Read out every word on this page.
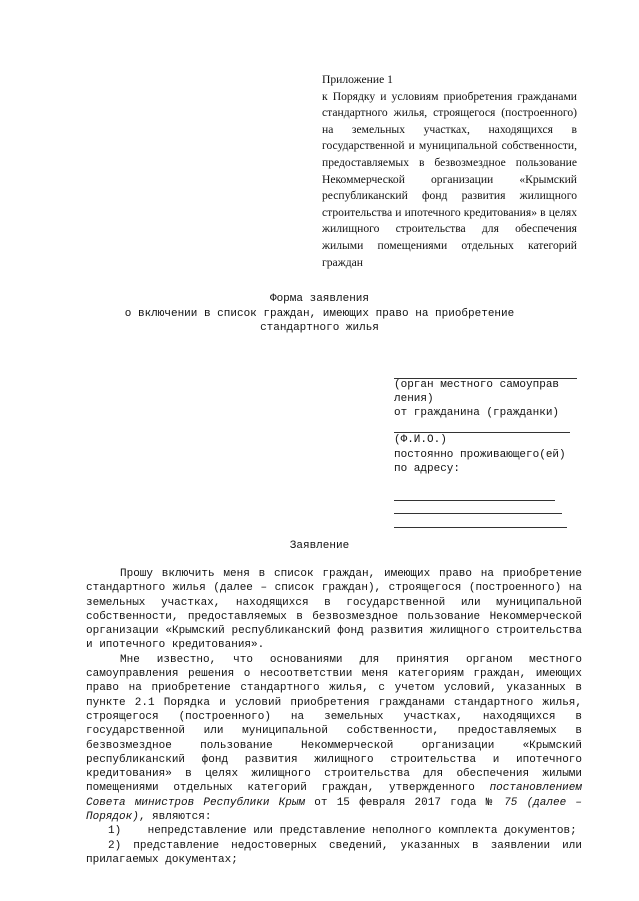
Приложение 1

к Порядку и условиям приобретения гражданами стандартного жилья, строящегося (построенного) на земельных участках, находящихся в государственной и муниципальной собственности, предоставляемых в безвозмездное пользование Некоммерческой организации «Крымский республиканский фонд развития жилищного строительства и ипотечного кредитования» в целях жилищного строительства для обеспечения жилыми помещениями отдельных категорий граждан

Форма заявления
о включении в список граждан, имеющих право на приобретение
стандартного жилья
(орган местного самоуправ
ления)
от гражданина (гражданки)
(Ф.И.О.)
постоянно проживающего(ей)
по адресу:
Заявление

Прошу включить меня в список граждан, имеющих право на приобретение стандартного жилья (далее – список граждан), строящегося (построенного) на земельных участках, находящихся в государственной или муниципальной собственности, предоставляемых в безвозмездное пользование Некоммерческой организации «Крымский республиканский фонд развития жилищного строительства и ипотечного кредитования».

Мне известно, что основаниями для принятия органом местного самоуправления решения о несоответствии меня категориям граждан, имеющих право на приобретение стандартного жилья, с учетом условий, указанных в пункте 2.1 Порядка и условий приобретения гражданами стандартного жилья, строящегося (построенного) на земельных участках, находящихся в государственной или муниципальной собственности, предоставляемых в безвозмездное пользование Некоммерческой организации «Крымский республиканский фонд развития жилищного строительства и ипотечного кредитования» в целях жилищного строительства для обеспечения жилыми помещениями отдельных категорий граждан, утвержденного постановлением Совета министров Республики Крым от 15 февраля 2017 года № 75 (далее – Порядок), являются:

1) непредставление или представление неполного комплекта документов;

2) представление недостоверных сведений, указанных в заявлении или прилагаемых документах;
